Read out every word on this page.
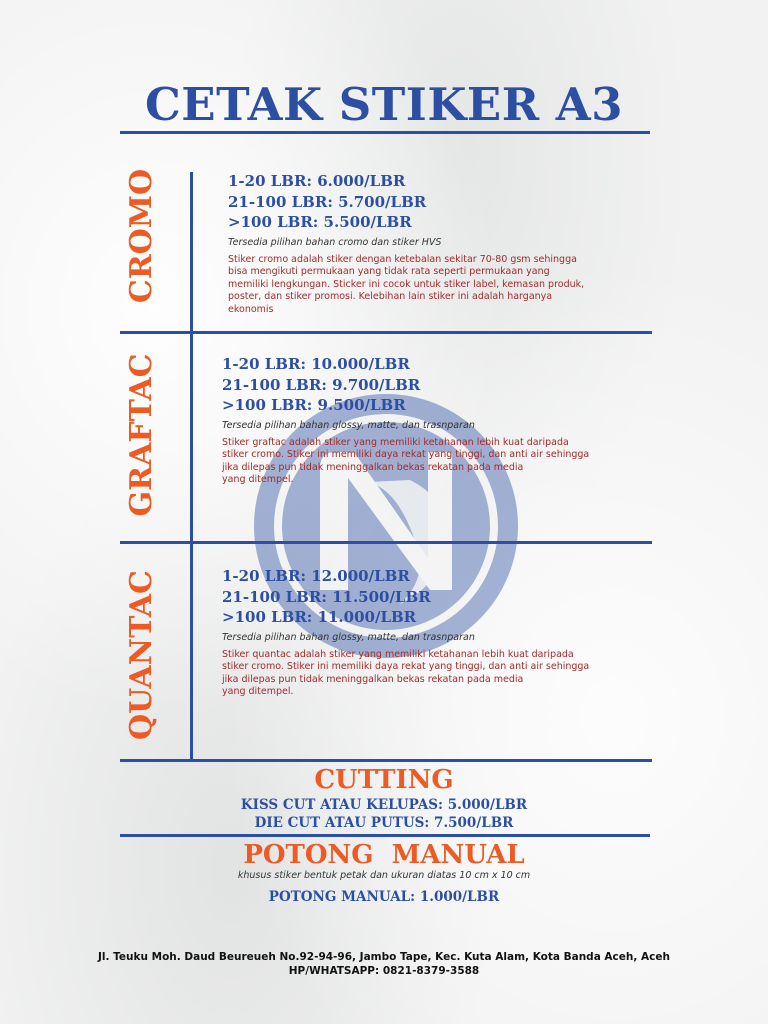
CETAK STIKER A3
CROMO
GRAFTAC
QUANTAC

1-20 LBR: 6.000/LBR

21-100 LBR: 5.700/LBR

>100 LBR: 5.500/LBR

Tersedia pilihan bahan cromo dan stiker HVS

Stiker cromo adalah stiker dengan ketebalan sekitar 70-80 gsm sehingga
bisa mengikuti permukaan yang tidak rata seperti permukaan yang
memiliki lengkungan. Sticker ini cocok untuk stiker label, kemasan produk,
poster, dan stiker promosi. Kelebihan lain stiker ini adalah harganya
ekonomis

1-20 LBR: 10.000/LBR

21-100 LBR: 9.700/LBR

>100 LBR: 9.500/LBR

Tersedia pilihan bahan glossy, matte, dan trasnparan

Stiker graftac adalah stiker yang memiliki ketahanan lebih kuat daripada
stiker cromo. Stiker ini memiliki daya rekat yang tinggi, dan anti air sehingga
jika dilepas pun tidak meninggalkan bekas rekatan pada media
yang ditempel.

1-20 LBR: 12.000/LBR

21-100 LBR: 11.500/LBR

>100 LBR: 11.000/LBR

Tersedia pilihan bahan glossy, matte, dan trasnparan

Stiker quantac adalah stiker yang memiliki ketahanan lebih kuat daripada
stiker cromo. Stiker ini memiliki daya rekat yang tinggi, dan anti air sehingga
jika dilepas pun tidak meninggalkan bekas rekatan pada media
yang ditempel.
CUTTING
KISS CUT ATAU KELUPAS: 5.000/LBR
DIE CUT ATAU PUTUS: 7.500/LBR
POTONG  MANUAL
khusus stiker bentuk petak dan ukuran diatas 10 cm x 10 cm
POTONG MANUAL: 1.000/LBR
Jl. Teuku Moh. Daud Beureueh No.92-94-96, Jambo Tape, Kec. Kuta Alam, Kota Banda Aceh, Aceh
HP/WHATSAPP: 0821-8379-3588
